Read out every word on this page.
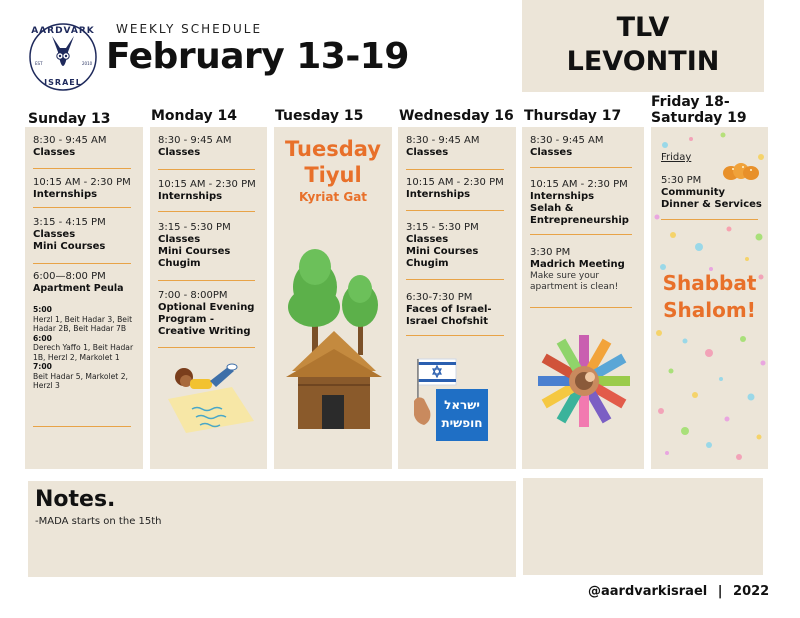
AARDVARK
ISRAEL
EST	2010
WEEKLY SCHEDULE
February 13-19
TLV
LEVONTIN
Sunday 13
8:30 - 9:45 AM
Classes
10:15 AM - 2:30 PM
Internships
3:15 - 4:15 PM
Classes
Mini Courses
6:00—8:00 PM
Apartment Peula
5:00
Herzl 1, Beit Hadar 3, Beit Hadar 2B, Beit Hadar 7B
6:00
Derech Yaffo 1, Beit Hadar 1B, Herzl 2, Markolet 1
7:00
Beit Hadar 5, Markolet 2, Herzl 3
Monday 14
8:30 - 9:45 AM
Classes
10:15 AM - 2:30 PM
Internships
3:15 - 5:30 PM
Classes
Mini Courses
Chugim
7:00 - 8:00PM
Optional Evening
Program -
Creative Writing
Tuesday 15
Tuesday
Tiyul
Kyriat Gat
Wednesday 16
8:30 - 9:45 AM
Classes
10:15 AM - 2:30 PM
Internships
3:15 - 5:30 PM
Classes
Mini Courses
Chugim
6:30-7:30 PM
Faces of Israel-
Israel Chofshit
ישראל
חופשית
Thursday 17
8:30 - 9:45 AM
Classes
10:15 AM - 2:30 PM
Internships
Selah &
Entrepreneurship
3:30 PM
Madrich Meeting
Make sure your
apartment is clean!
Friday 18-
Saturday 19
Friday
5:30 PM
Community
Dinner & Services
Shabbat
Shalom!
Notes.
-MADA starts on the 15th
@aardvarkisrael | 2022
